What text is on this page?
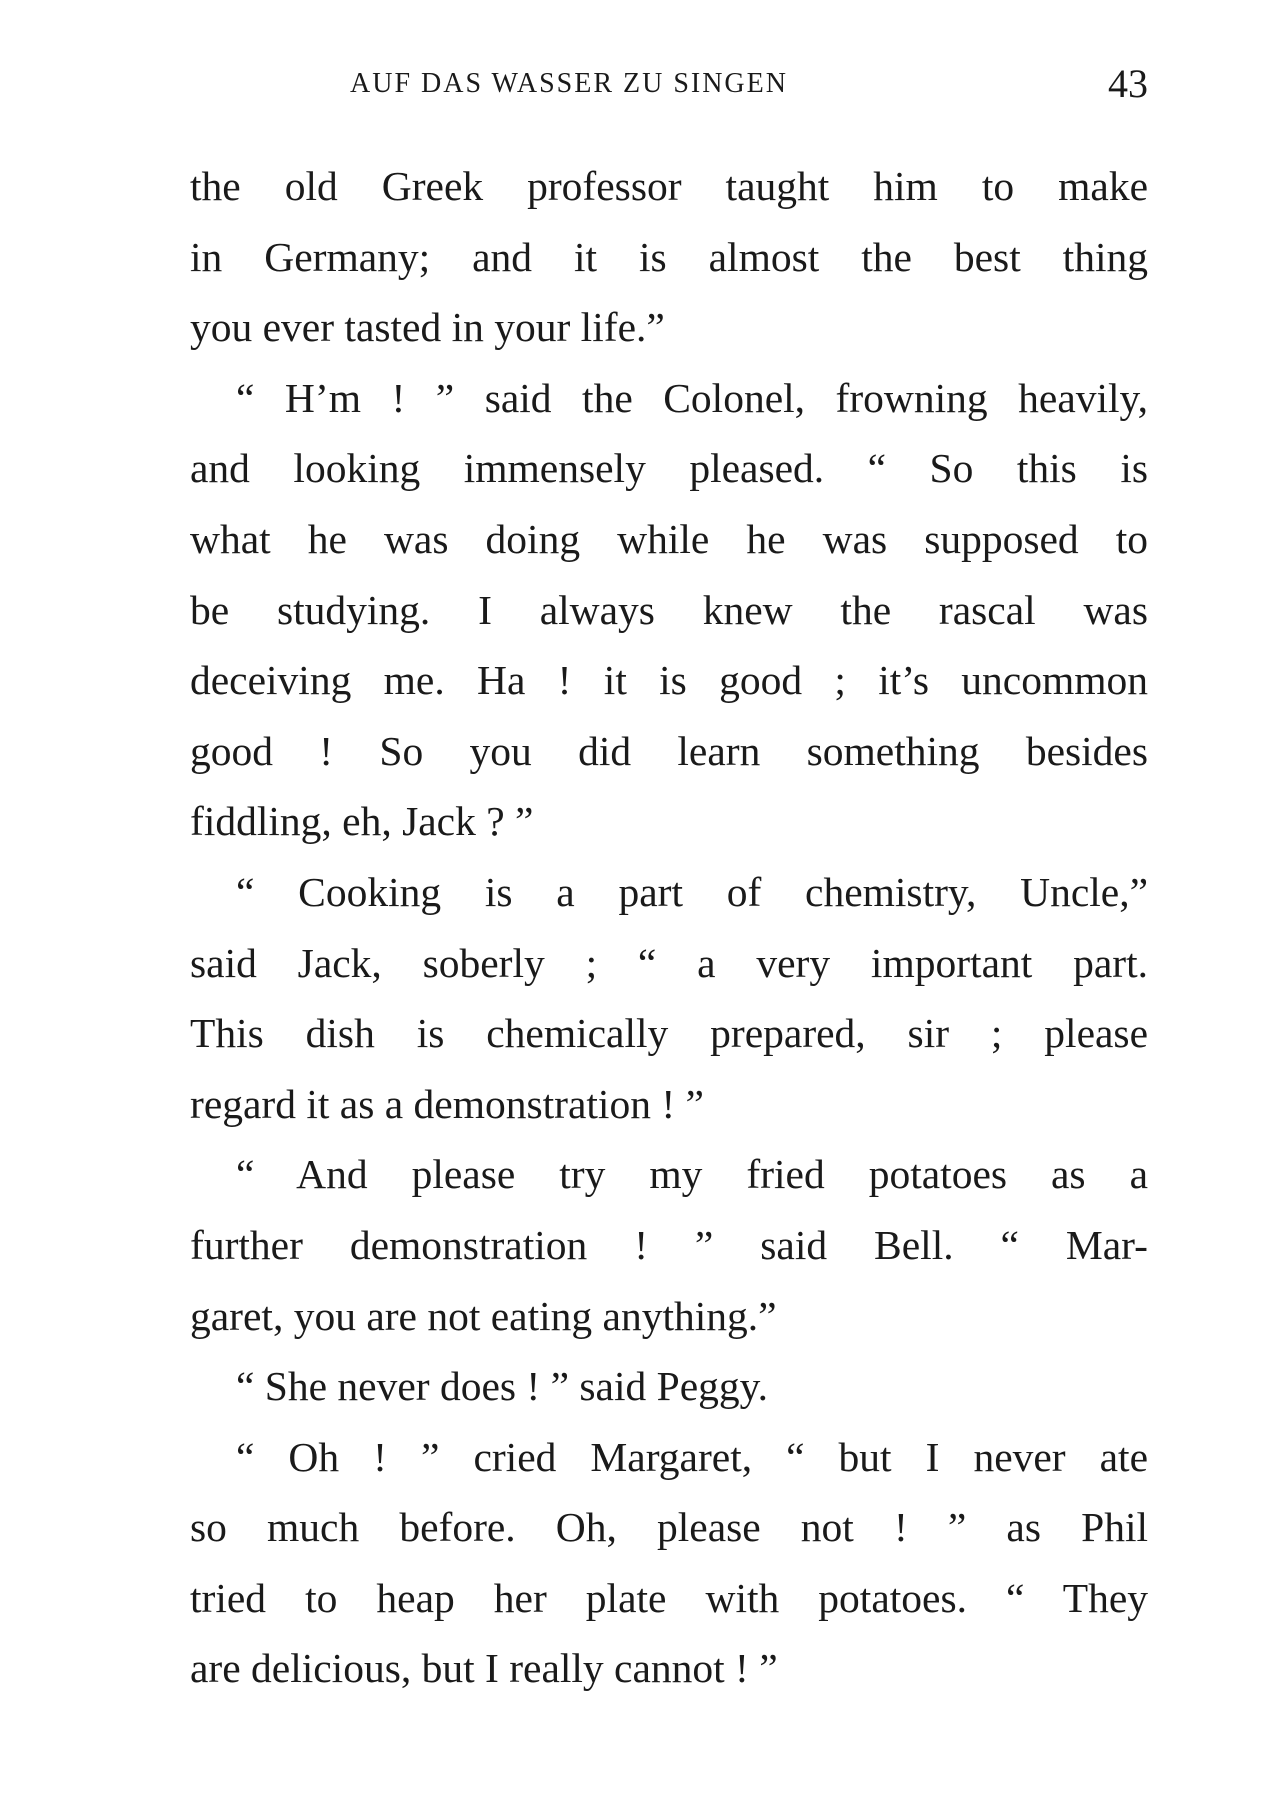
AUF DAS WASSER ZU SINGEN	43
the old Greek professor taught him to make
in Germany; and it is almost the best thing
you ever tasted in your life.”
“ H’m ! ” said the Colonel, frowning heavily,
and looking immensely pleased. “ So this is
what he was doing while he was supposed to
be studying. I always knew the rascal was
deceiving me. Ha ! it is good ; it’s uncommon
good ! So you did learn something besides
fiddling, eh, Jack ? ”
“ Cooking is a part of chemistry, Uncle,”
said Jack, soberly ; “ a very important part.
This dish is chemically prepared, sir ; please
regard it as a demonstration ! ”
“ And please try my fried potatoes as a
further demonstration ! ” said Bell. “ Mar-
garet, you are not eating anything.”
“ She never does ! ” said Peggy.
“ Oh ! ” cried Margaret, “ but I never ate
so much before. Oh, please not ! ” as Phil
tried to heap her plate with potatoes. “ They
are delicious, but I really cannot ! ”
